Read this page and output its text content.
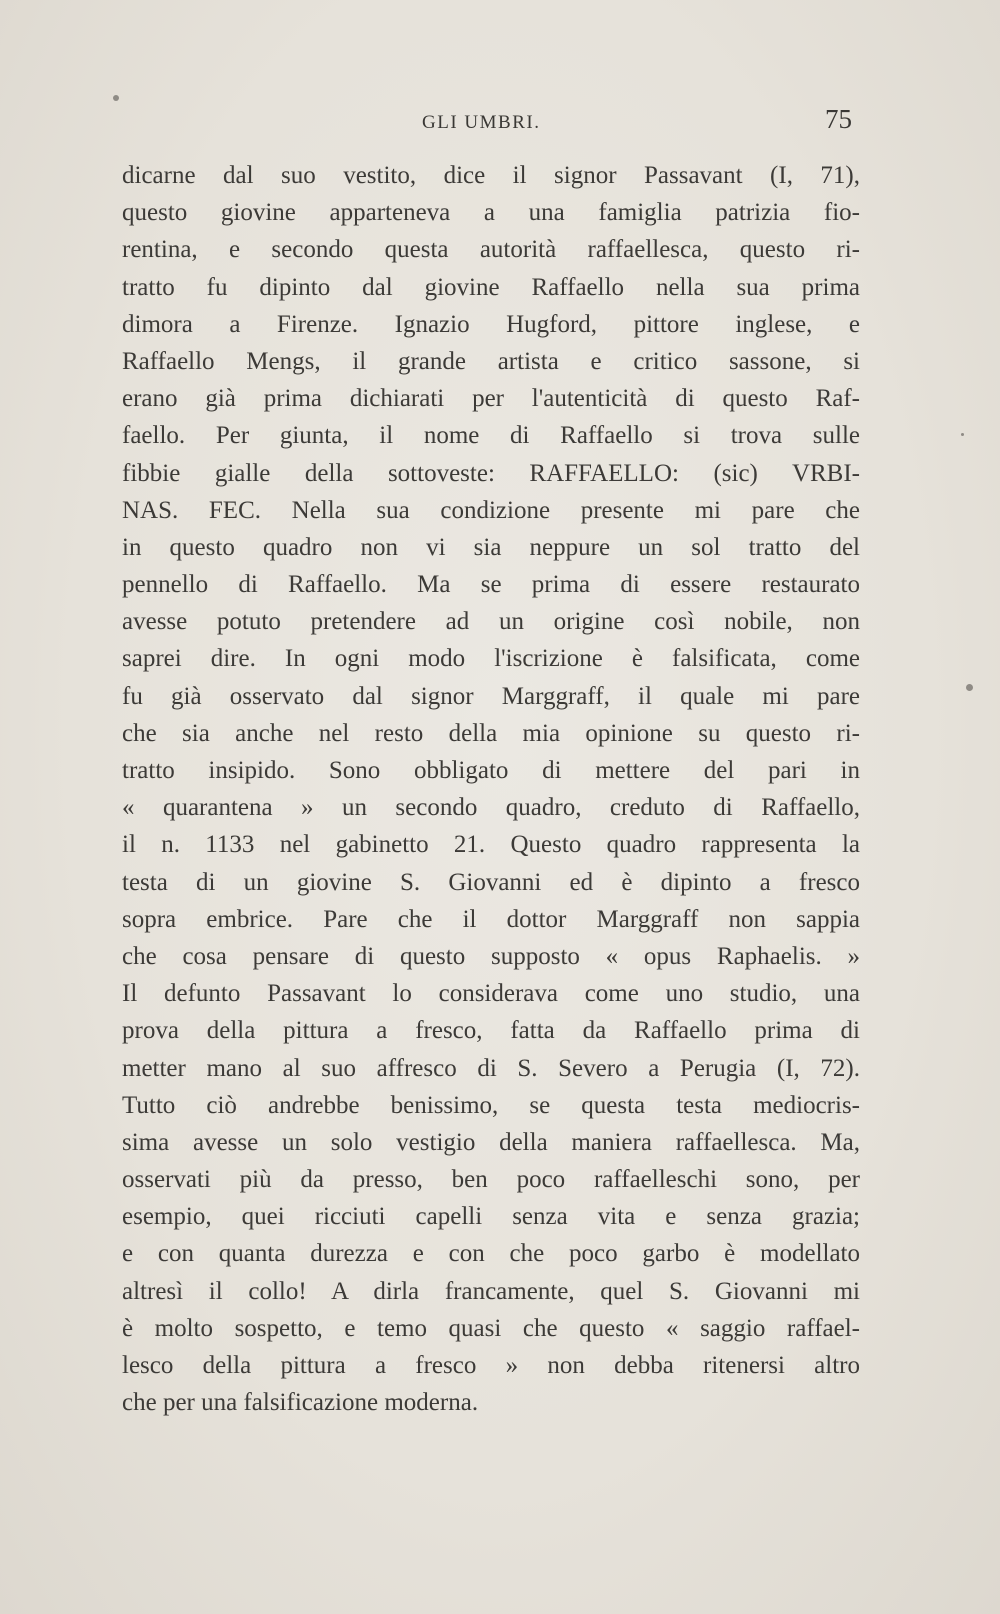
GLI UMBRI.	75
dicarne dal suo vestito, dice il signor Passavant (I, 71),
questo giovine apparteneva a una famiglia patrizia fio-
rentina, e secondo questa autorità raffaellesca, questo ri-
tratto fu dipinto dal giovine Raffaello nella sua prima
dimora a Firenze. Ignazio Hugford, pittore inglese, e
Raffaello Mengs, il grande artista e critico sassone, si
erano già prima dichiarati per l'autenticità di questo Raf-
faello. Per giunta, il nome di Raffaello si trova sulle
fibbie gialle della sottoveste: RAFFAELLO: (sic) VRBI-
NAS. FEC. Nella sua condizione presente mi pare che
in questo quadro non vi sia neppure un sol tratto del
pennello di Raffaello. Ma se prima di essere restaurato
avesse potuto pretendere ad un origine così nobile, non
saprei dire. In ogni modo l'iscrizione è falsificata, come
fu già osservato dal signor Marggraff, il quale mi pare
che sia anche nel resto della mia opinione su questo ri-
tratto insipido. Sono obbligato di mettere del pari in
« quarantena » un secondo quadro, creduto di Raffaello,
il n. 1133 nel gabinetto 21. Questo quadro rappresenta la
testa di un giovine S. Giovanni ed è dipinto a fresco
sopra embrice. Pare che il dottor Marggraff non sappia
che cosa pensare di questo supposto « opus Raphaelis. »
Il defunto Passavant lo considerava come uno studio, una
prova della pittura a fresco, fatta da Raffaello prima di
metter mano al suo affresco di S. Severo a Perugia (I, 72).
Tutto ciò andrebbe benissimo, se questa testa mediocris-
sima avesse un solo vestigio della maniera raffaellesca. Ma,
osservati più da presso, ben poco raffaelleschi sono, per
esempio, quei ricciuti capelli senza vita e senza grazia;
e con quanta durezza e con che poco garbo è modellato
altresì il collo! A dirla francamente, quel S. Giovanni mi
è molto sospetto, e temo quasi che questo « saggio raffael-
lesco della pittura a fresco » non debba ritenersi altro
che per una falsificazione moderna.
